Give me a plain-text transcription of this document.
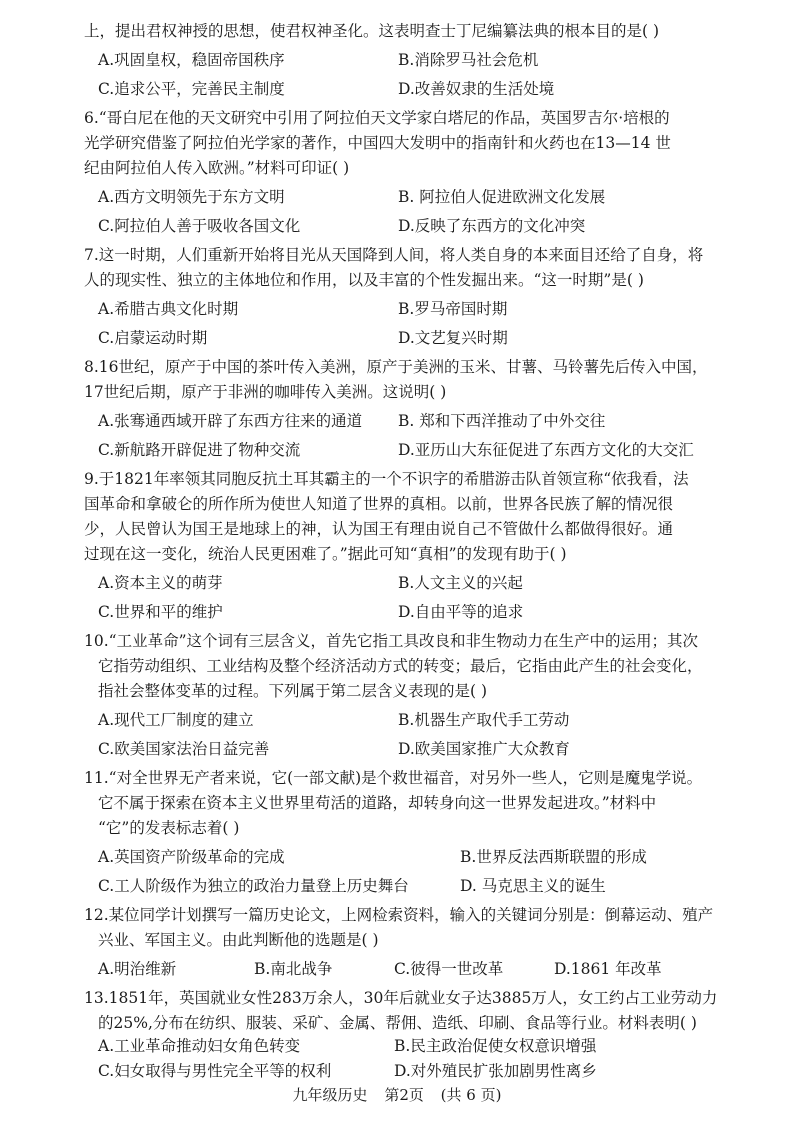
上，提出君权神授的思想，使君权神圣化。这表明查士丁尼编纂法典的根本目的是( )
A.巩固皇权，稳固帝国秩序	B.消除罗马社会危机
C.追求公平，完善民主制度	D.改善奴隶的生活处境
6.“哥白尼在他的天文研究中引用了阿拉伯天文学家白塔尼的作品，英国罗吉尔·培根的
光学研究借鉴了阿拉伯光学家的著作，中国四大发明中的指南针和火药也在13—14 世
纪由阿拉伯人传入欧洲。”材料可印证( )
A.西方文明领先于东方文明	B. 阿拉伯人促进欧洲文化发展
C.阿拉伯人善于吸收各国文化	D.反映了东西方的文化冲突
7.这一时期，人们重新开始将目光从天国降到人间，将人类自身的本来面目还给了自身，将
人的现实性、独立的主体地位和作用，以及丰富的个性发掘出来。“这一时期”是( )
A.希腊古典文化时期	B.罗马帝国时期
C.启蒙运动时期	D.文艺复兴时期
8.16世纪，原产于中国的茶叶传入美洲，原产于美洲的玉米、甘薯、马铃薯先后传入中国，
17世纪后期，原产于非洲的咖啡传入美洲。这说明( )
A.张骞通西域开辟了东西方往来的通道 B. 郑和下西洋推动了中外交往
C.新航路开辟促进了物种交流	D.亚历山大东征促进了东西方文化的大交汇
9.于1821年率领其同胞反抗土耳其霸主的一个不识字的希腊游击队首领宣称“依我看，法
国革命和拿破仑的所作所为使世人知道了世界的真相。以前，世界各民族了解的情况很
少，人民曾认为国王是地球上的神，认为国王有理由说自己不管做什么都做得很好。通
过现在这一变化，统治人民更困难了。”据此可知“真相”的发现有助于( )
A.资本主义的萌芽	B.人文主义的兴起
C.世界和平的维护	D.自由平等的追求
10.“工业革命”这个词有三层含义，首先它指工具改良和非生物动力在生产中的运用；其次
它指劳动组织、工业结构及整个经济活动方式的转变；最后，它指由此产生的社会变化，
指社会整体变革的过程。下列属于第二层含义表现的是( )
A.现代工厂制度的建立	B.机器生产取代手工劳动
C.欧美国家法治日益完善	D.欧美国家推广大众教育
11.“对全世界无产者来说，它(一部文献)是个救世福音，对另外一些人，它则是魔鬼学说。
它不属于探索在资本主义世界里苟活的道路，却转身向这一世界发起进攻。”材料中
“它”的发表标志着( )
A.英国资产阶级革命的完成	B.世界反法西斯联盟的形成
C.工人阶级作为独立的政治力量登上历史舞台	D. 马克思主义的诞生
12.某位同学计划撰写一篇历史论文，上网检索资料，输入的关键词分别是：倒幕运动、殖产
兴业、军国主义。由此判断他的选题是( )
A.明治维新	B.南北战争	C.彼得一世改革	D.1861 年改革
13.1851年，英国就业女性283万余人，30年后就业女子达3885万人，女工约占工业劳动力
的25%,分布在纺织、服装、采矿、金属、帮佣、造纸、印刷、食品等行业。材料表明( )
A.工业革命推动妇女角色转变	B.民主政治促使女权意识增强
C.妇女取得与男性完全平等的权利	D.对外殖民扩张加剧男性离乡
九年级历史 第2页 (共 6 页)
